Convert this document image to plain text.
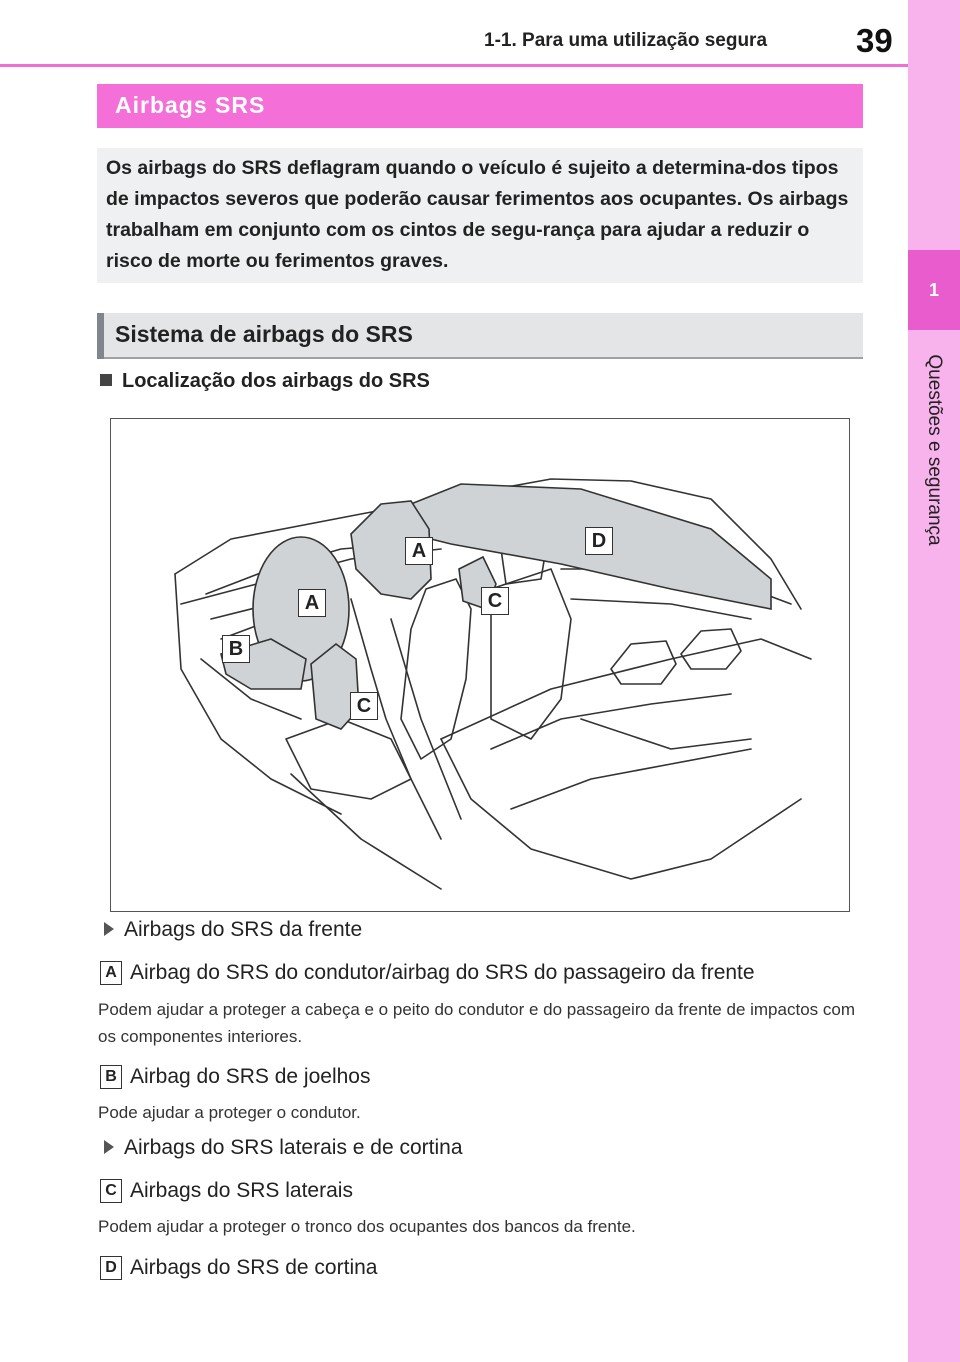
1-1. Para uma utilização segura	39
1
Questões e segurança
Airbags SRS
Os airbags do SRS deflagram quando o veículo é sujeito a determina-dos tipos de impactos severos que poderão causar ferimentos aos ocupantes. Os airbags trabalham em conjunto com os cintos de segu-rança para ajudar a reduzir o risco de morte ou ferimentos graves.
Sistema de airbags do SRS
Localização dos airbags do SRS
A
A
B
C
C
D
Airbags do SRS da frente
A Airbag do SRS do condutor/airbag do SRS do passageiro da frente
Podem ajudar a proteger a cabeça e o peito do condutor e do passageiro da frente de impactos com os componentes interiores.
B Airbag do SRS de joelhos
Pode ajudar a proteger o condutor.
Airbags do SRS laterais e de cortina
C Airbags do SRS laterais
Podem ajudar a proteger o tronco dos ocupantes dos bancos da frente.
D Airbags do SRS de cortina
